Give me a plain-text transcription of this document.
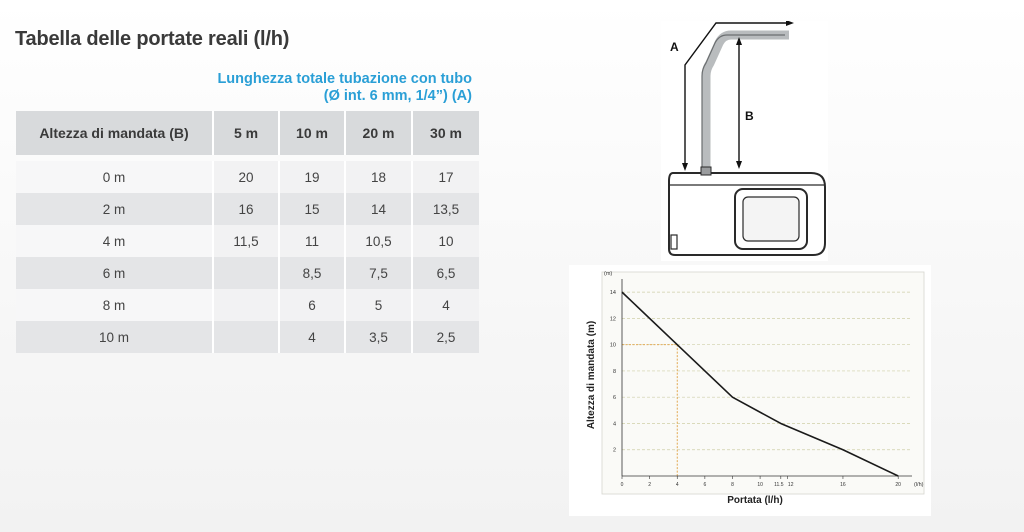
Tabella delle portate reali (l/h)
Lunghezza totale tubazione con tubo
(Ø int. 6 mm, 1/4”) (A)
Altezza di mandata (B)	5 m	10 m	20 m	30 m

0 m	20	19	18	17
2 m	16	15	14	13,5
4 m	11,5	11	10,5	10
6 m		8,5	7,5	6,5
8 m		6	5	4
10 m		4	3,5	2,5
A
B
2
4
6
8
10
12
14
0	2	4	6	8	10 11.5 12	16	20
(m)
(l/h)
Portata (l/h)
Altezza di mandata (m)
